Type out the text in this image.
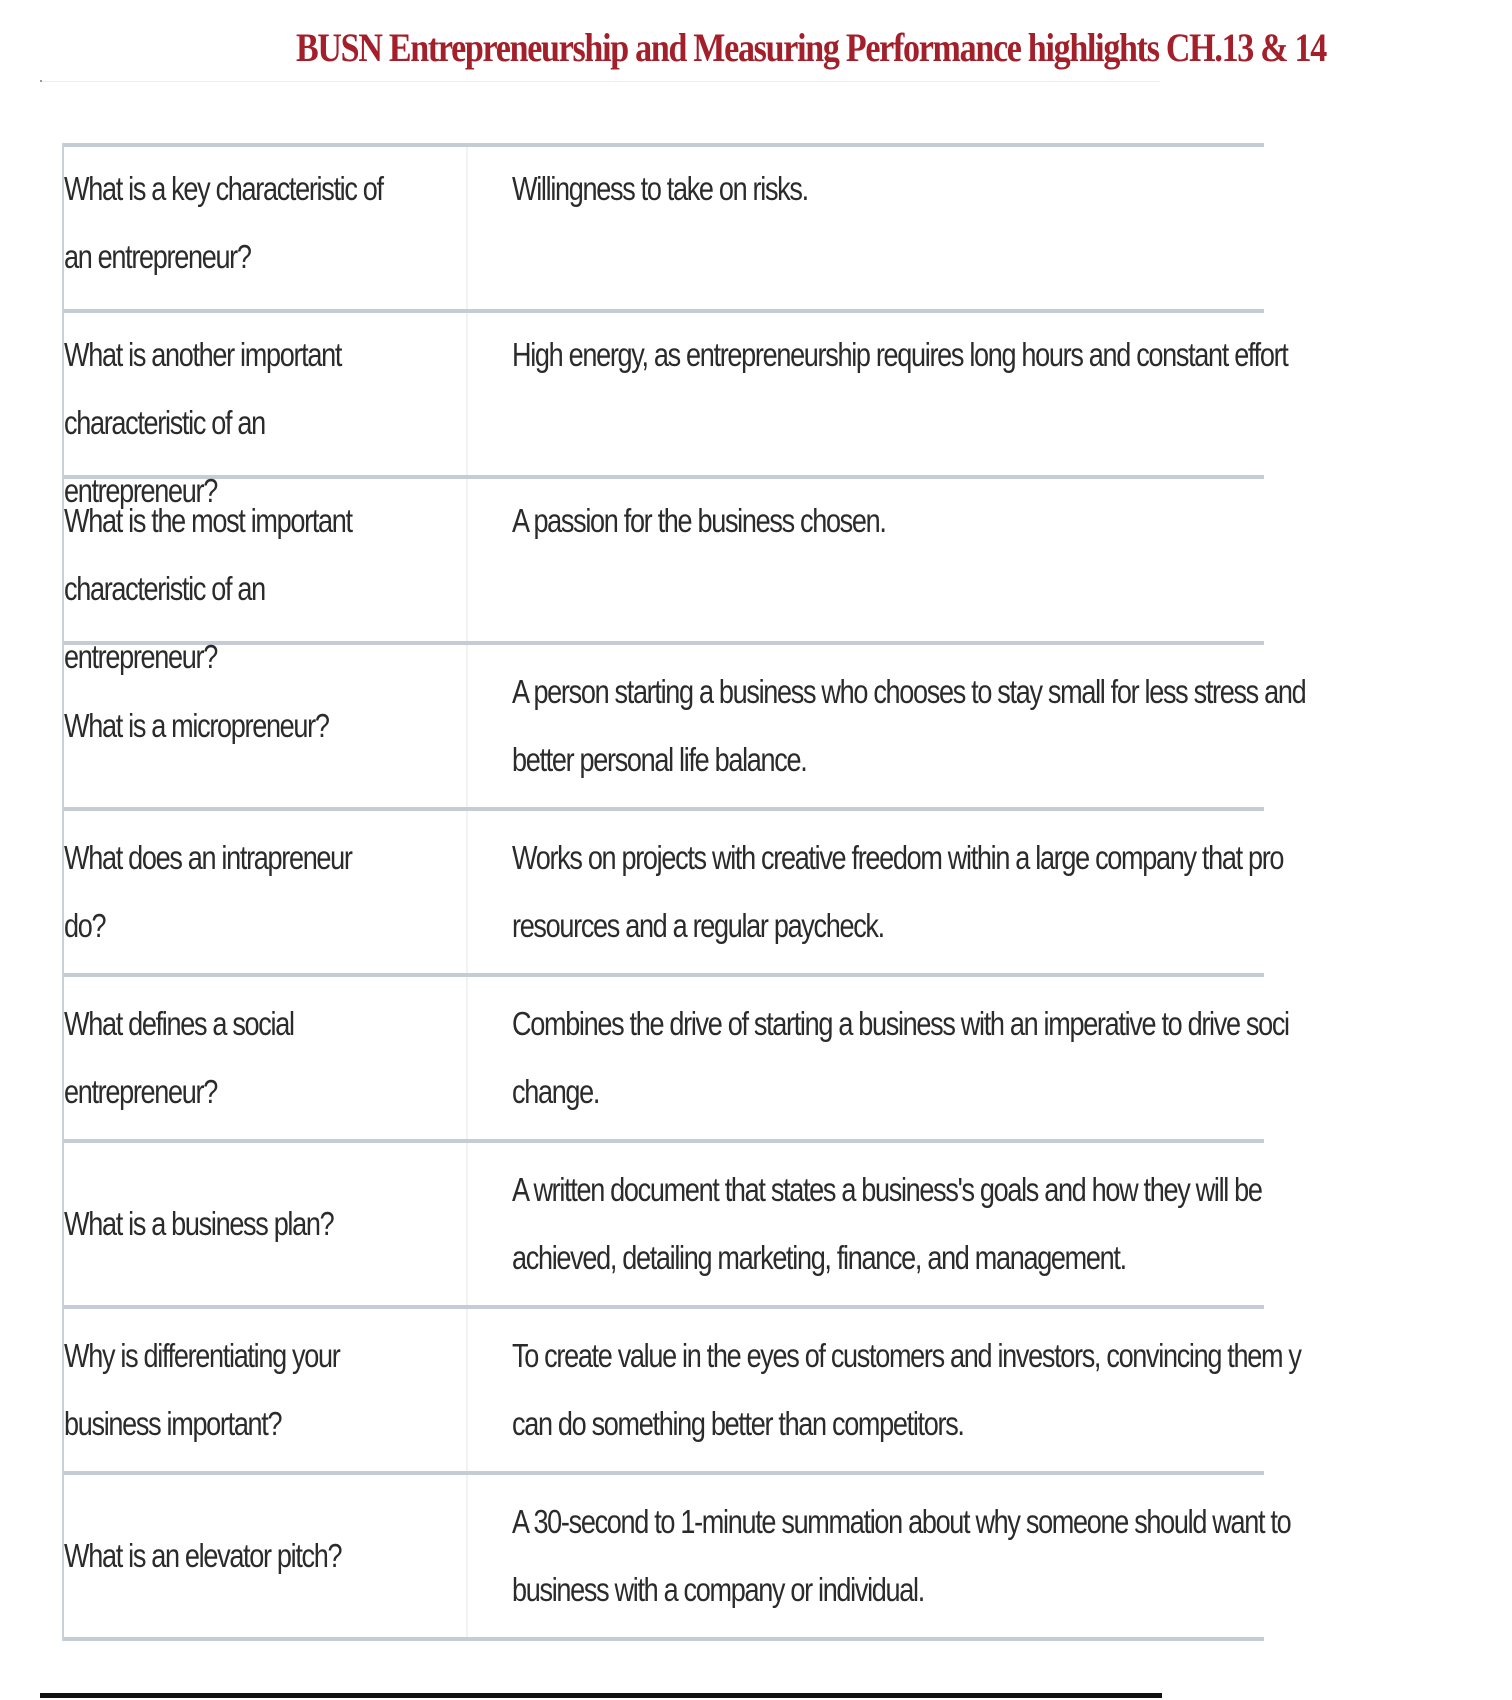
BUSN Entrepreneurship and Measuring Performance highlights CH.13 & 14
What is a key characteristic of an entrepreneur?
Willingness to take on risks.
What is another important characteristic of an entrepreneur?
High energy, as entrepreneurship requires long hours and constant effort
What is the most important characteristic of an entrepreneur?
A passion for the business chosen.
What is a micropreneur?
A person starting a business who chooses to stay small for less stress and better personal life balance.
What does an intrapreneur do?
Works on projects with creative freedom within a large company that pro resources and a regular paycheck.
What defines a social entrepreneur?
Combines the drive of starting a business with an imperative to drive soci change.
What is a business plan?
A written document that states a business's goals and how they will be achieved, detailing marketing, finance, and management.
Why is differentiating your business important?
To create value in the eyes of customers and investors, convincing them y can do something better than competitors.
What is an elevator pitch?
A 30-second to 1-minute summation about why someone should want to business with a company or individual.
